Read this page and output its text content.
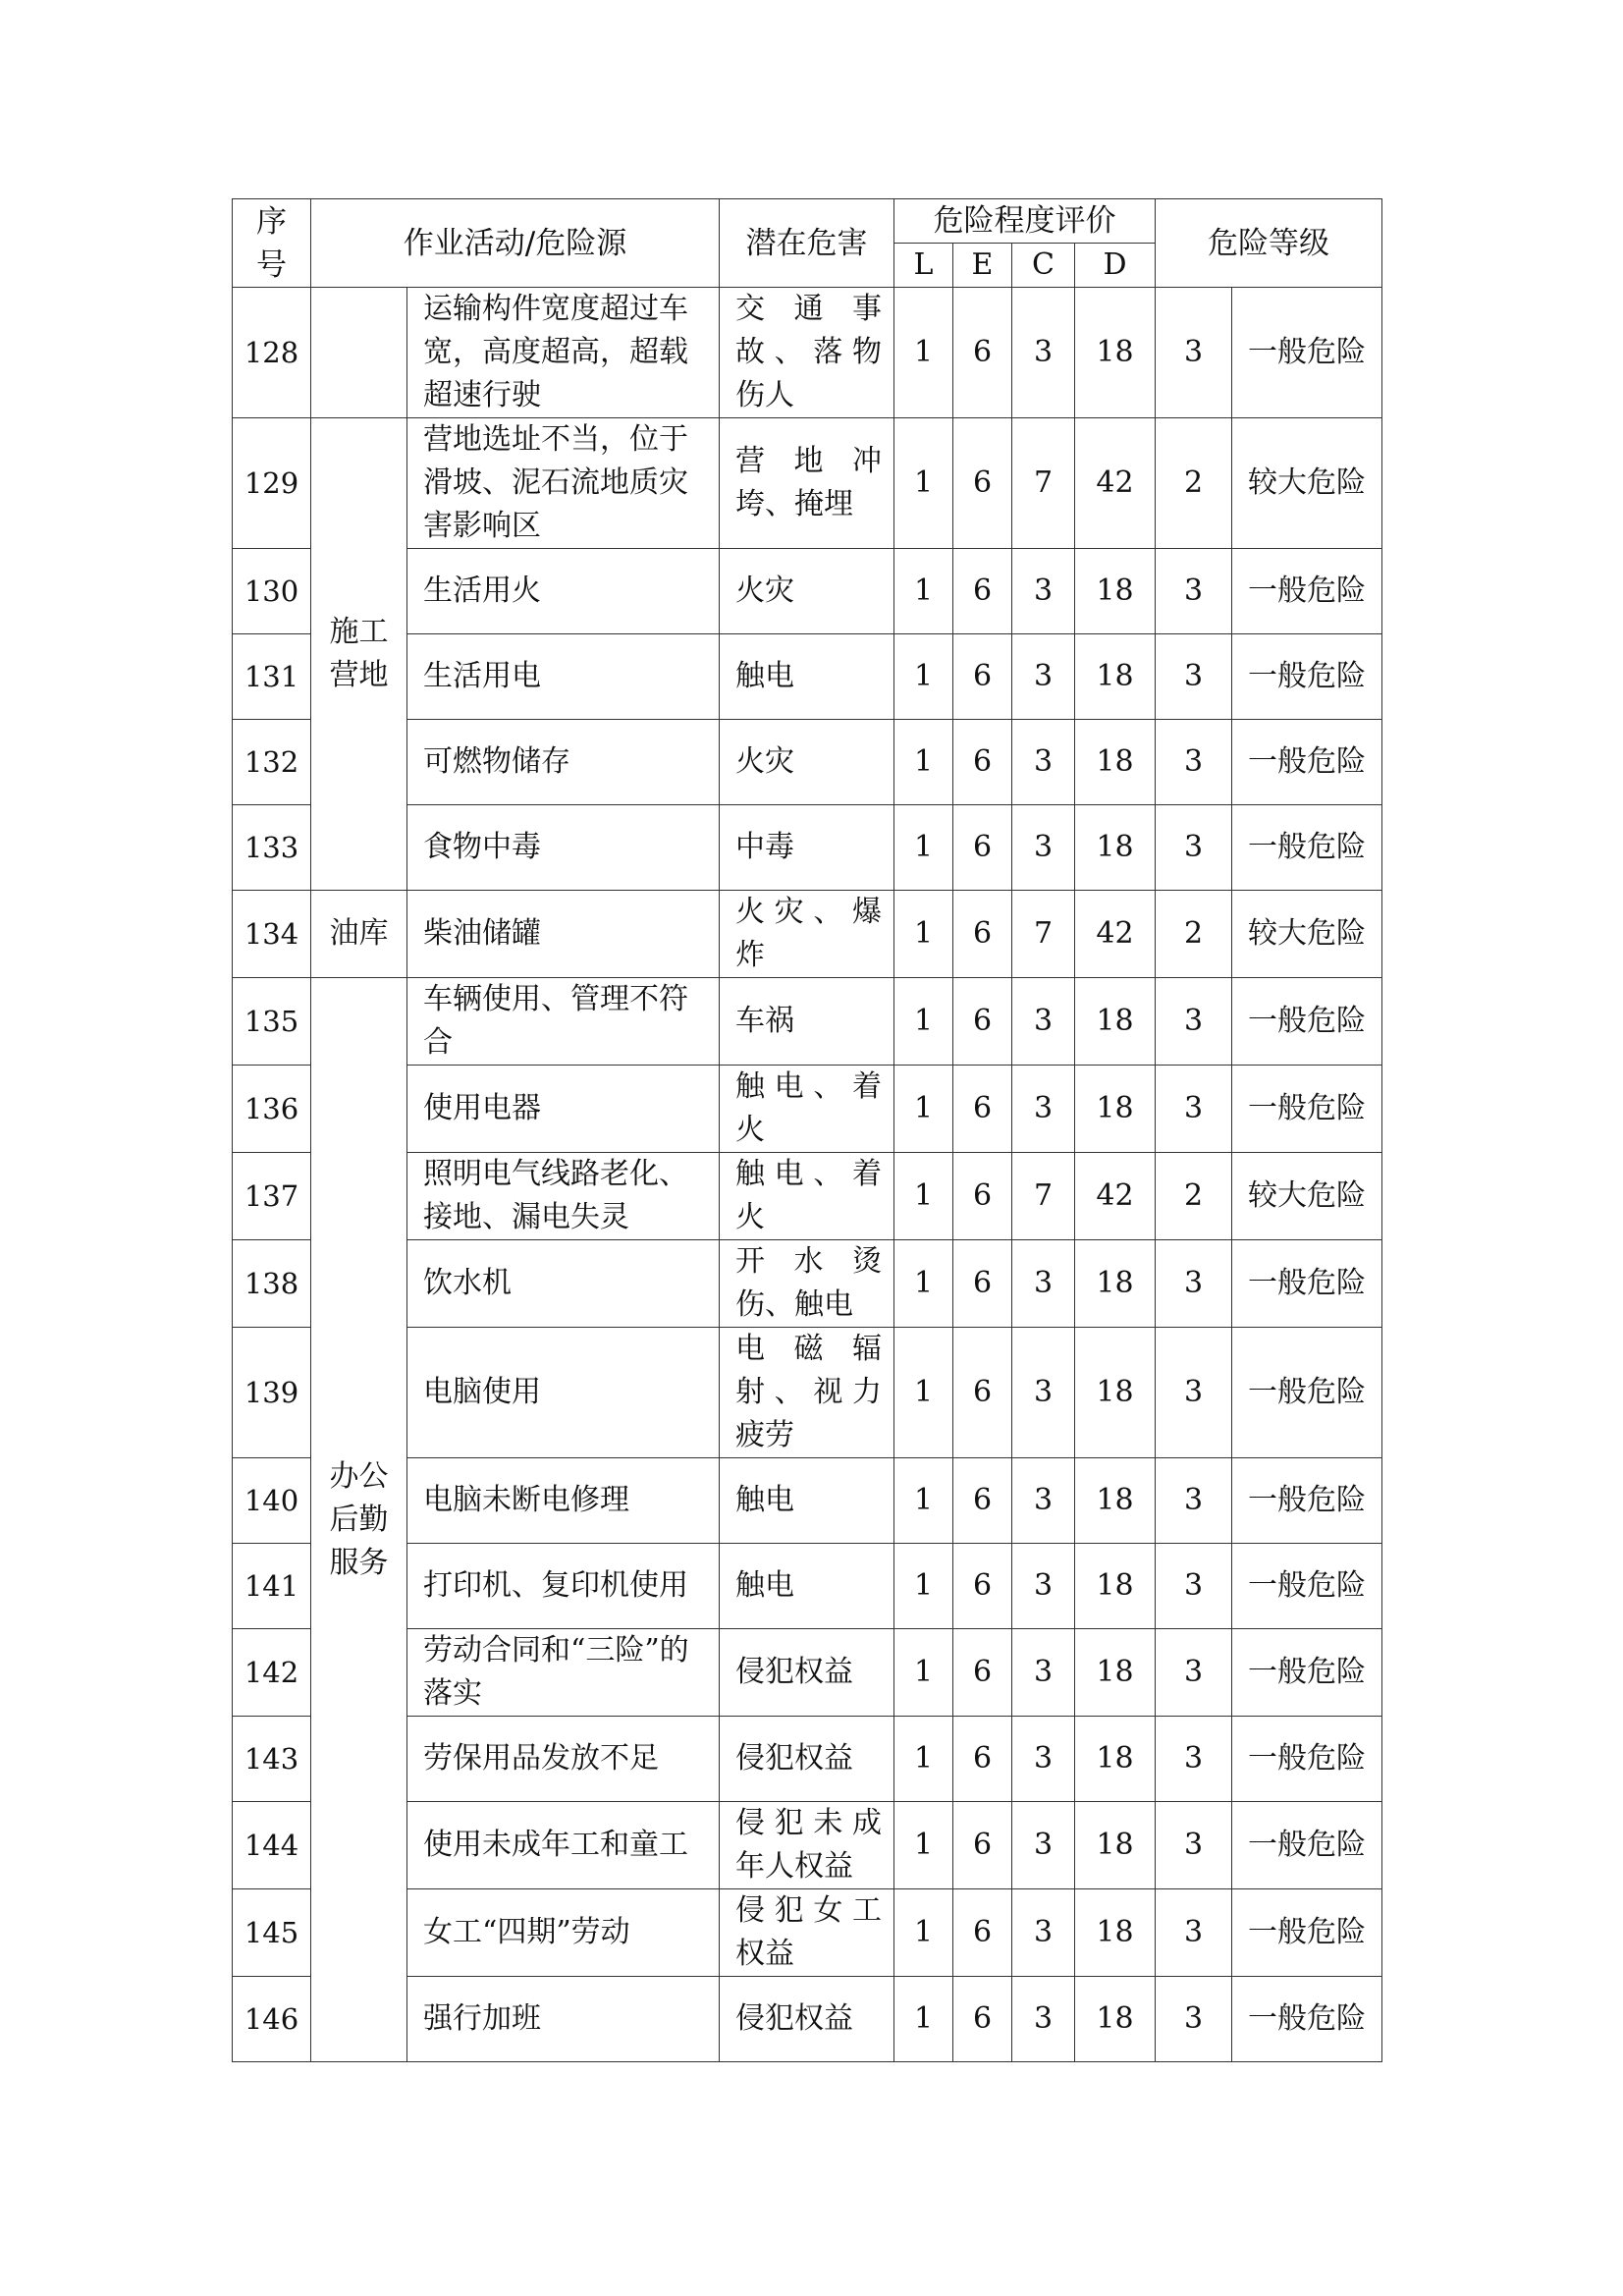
序号	作业活动/危险源		潜在危害	危险程度评价				危险等级	
				L	E	C	D		
128		运输构件宽度超过车宽，高度超高，超载超速行驶	交通事故、落物伤人	1	6	3	18	3	一般危险
129	施工营地	营地选址不当，位于滑坡、泥石流地质灾害影响区	营地冲垮、掩埋	1	6	7	42	2	较大危险
130		生活用火	火灾	1	6	3	18	3	一般危险
131		生活用电	触电	1	6	3	18	3	一般危险
132		可燃物储存	火灾	1	6	3	18	3	一般危险
133		食物中毒	中毒	1	6	3	18	3	一般危险
134	油库	柴油储罐	火灾、爆炸	1	6	7	42	2	较大危险
135	办公后勤服务	车辆使用、管理不符合	车祸	1	6	3	18	3	一般危险
136		使用电器	触电、着火	1	6	3	18	3	一般危险
137		照明电气线路老化、接地、漏电失灵	触电、着火	1	6	7	42	2	较大危险
138		饮水机	开水烫伤、触电	1	6	3	18	3	一般危险
139		电脑使用	电磁辐射、视力疲劳	1	6	3	18	3	一般危险
140		电脑未断电修理	触电	1	6	3	18	3	一般危险
141		打印机、复印机使用	触电	1	6	3	18	3	一般危险
142		劳动合同和“三险”的落实	侵犯权益	1	6	3	18	3	一般危险
143		劳保用品发放不足	侵犯权益	1	6	3	18	3	一般危险
144		使用未成年工和童工	侵犯未成年人权益	1	6	3	18	3	一般危险
145		女工“四期”劳动	侵犯女工权益	1	6	3	18	3	一般危险
146		强行加班	侵犯权益	1	6	3	18	3	一般危险
